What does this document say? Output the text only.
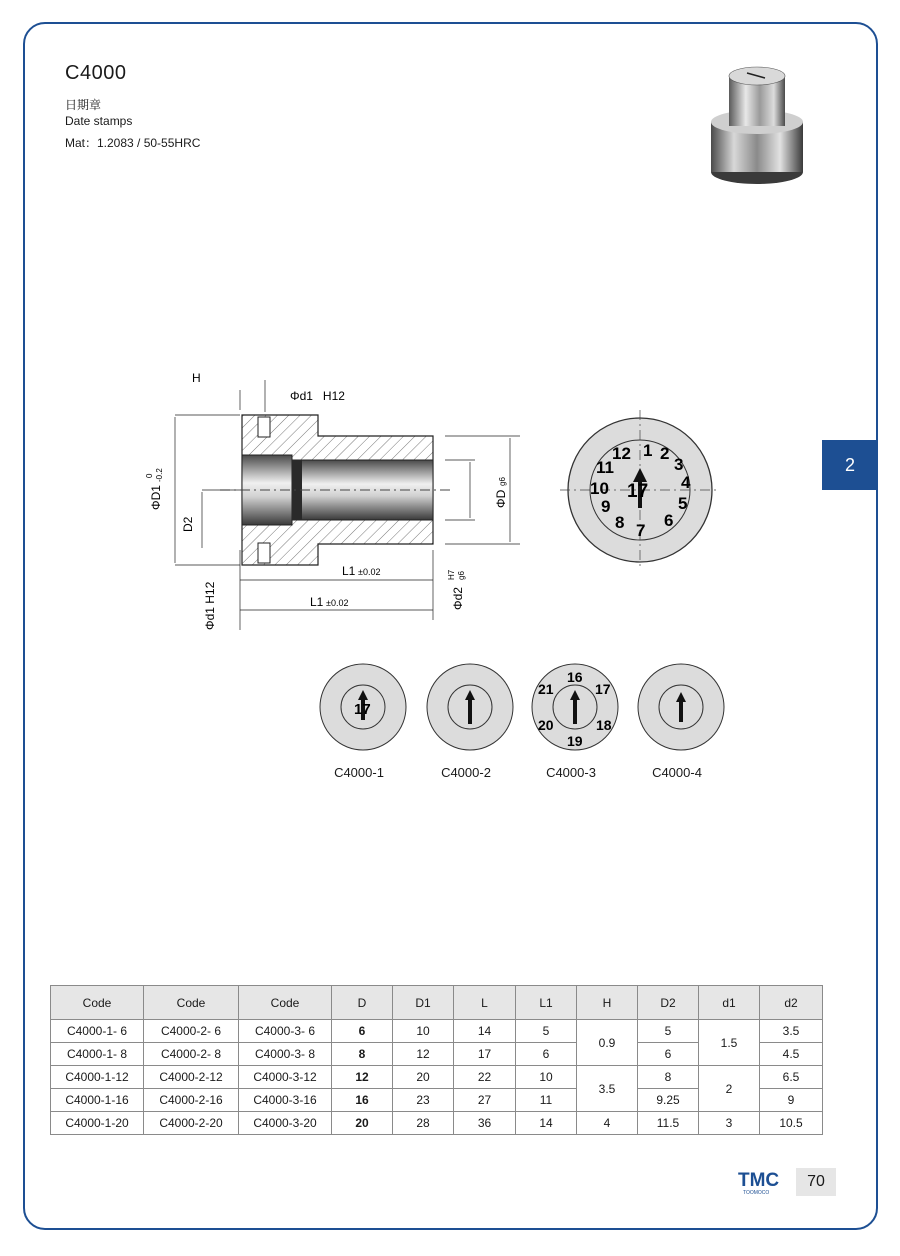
2
C4000
日期章
Date stamps
Mat：1.2083 / 50-55HRC
1 2
3
4
5
6
7
8
9
10
11
12
17
H
Φd1   H12
ΦD1
0 -0.2
D2
Φd1 H12
L1 ±0.02
L1 ±0.02
ΦD
g6
Φd2
H7 g6
17
16
17
18
19
20
21
C4000-1	C4000-2	C4000-3	C4000-4
Code	Code	Code	D	D1	L	L1	H	D2	d1	d2
C4000-1- 6	C4000-2- 6	C4000-3- 6	6	10	14	5	0.9	5	1.5	3.5
C4000-1- 8	C4000-2- 8	C4000-3- 8	8	12	17	6		6		4.5
C4000-1-12	C4000-2-12	C4000-3-12	12	20	22	10	3.5	8	2	6.5
C4000-1-16	C4000-2-16	C4000-3-16	16	23	27	11		9.25		9
C4000-1-20	C4000-2-20	C4000-3-20	20	28	36	14	4	11.5	3	10.5
TMC
TOOMOCO
70
